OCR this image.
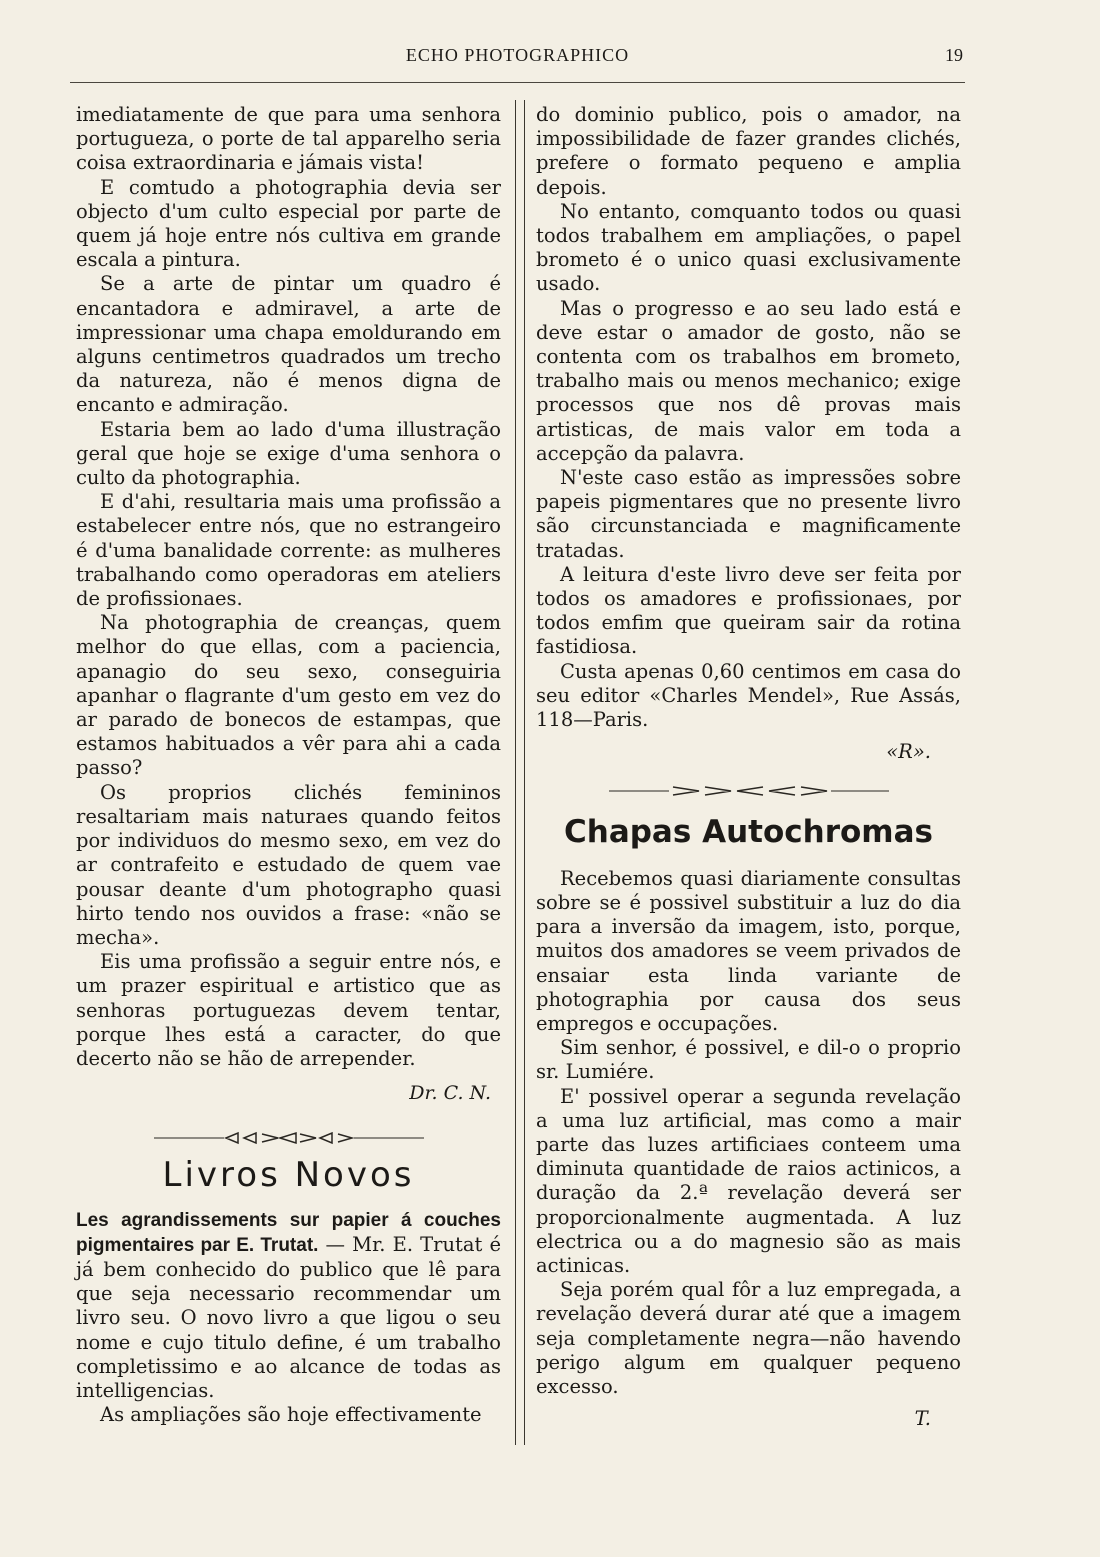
ECHO PHOTOGRAPHICO	19

imediatamente de que para uma senhora portugueza, o porte de tal apparelho seria coisa extraordinaria e jámais vista!

E comtudo a photographia devia ser objecto d'um culto especial por parte de quem já hoje entre nós cultiva em grande escala a pintura.

Se a arte de pintar um quadro é encantadora e admiravel, a arte de impressionar uma chapa emoldurando em alguns centimetros quadrados um trecho da natureza, não é menos digna de encanto e admiração.

Estaria bem ao lado d'uma illustração geral que hoje se exige d'uma senhora o culto da photographia.

E d'ahi, resultaria mais uma profissão a estabelecer entre nós, que no estrangeiro é d'uma banalidade corrente: as mulheres trabalhando como operadoras em ateliers de profissionaes.

Na photographia de creanças, quem melhor do que ellas, com a paciencia, apanagio do seu sexo, conseguiria apanhar o flagrante d'um gesto em vez do ar parado de bonecos de estampas, que estamos habituados a vêr para ahi a cada passo?

Os proprios clichés femininos resaltariam mais naturaes quando feitos por individuos do mesmo sexo, em vez do ar contrafeito e estudado de quem vae pousar deante d'um photographo quasi hirto tendo nos ouvidos a frase: «não se mecha».

Eis uma profissão a seguir entre nós, e um prazer espiritual e artistico que as senhoras portuguezas devem tentar, porque lhes está a caracter, do que decerto não se hão de arrepender.

Dr. C. N.
Livros Novos

Les agrandissements sur papier á couches pigmentaires par E. Trutat. — Mr. E. Trutat é já bem conhecido do publico que lê para que seja necessario recommendar um livro seu. O novo livro a que ligou o seu nome e cujo titulo define, é um trabalho completissimo e ao alcance de todas as intelligencias.

As ampliações são hoje effectivamente

do dominio publico, pois o amador, na impossibilidade de fazer grandes clichés, prefere o formato pequeno e amplia depois.

No entanto, comquanto todos ou quasi todos trabalhem em ampliações, o papel brometo é o unico quasi exclusivamente usado.

Mas o progresso e ao seu lado está e deve estar o amador de gosto, não se contenta com os trabalhos em brometo, trabalho mais ou menos mechanico; exige processos que nos dê provas mais artisticas, de mais valor em toda a accepção da palavra.

N'este caso estão as impressões sobre papeis pigmentares que no presente livro são circunstanciada e magnificamente tratadas.

A leitura d'este livro deve ser feita por todos os amadores e profissionaes, por todos emfim que queiram sair da rotina fastidiosa.

Custa apenas 0,60 centimos em casa do seu editor «Charles Mendel», Rue Assás, 118—Paris.

«R».
Chapas Autochromas

Recebemos quasi diariamente consultas sobre se é possivel substituir a luz do dia para a inversão da imagem, isto, porque, muitos dos amadores se veem privados de ensaiar esta linda variante de photographia por causa dos seus empregos e occupações.

Sim senhor, é possivel, e dil-o o proprio sr. Lumiére.

E' possivel operar a segunda revelação a uma luz artificial, mas como a mair parte das luzes artificiaes conteem uma diminuta quantidade de raios actinicos, a duração da 2.ª revelação deverá ser proporcionalmente augmentada. A luz electrica ou a do magnesio são as mais actinicas.

Seja porém qual fôr a luz empregada, a revelação deverá durar até que a imagem seja completamente negra—não havendo perigo algum em qualquer pequeno excesso.

T.
